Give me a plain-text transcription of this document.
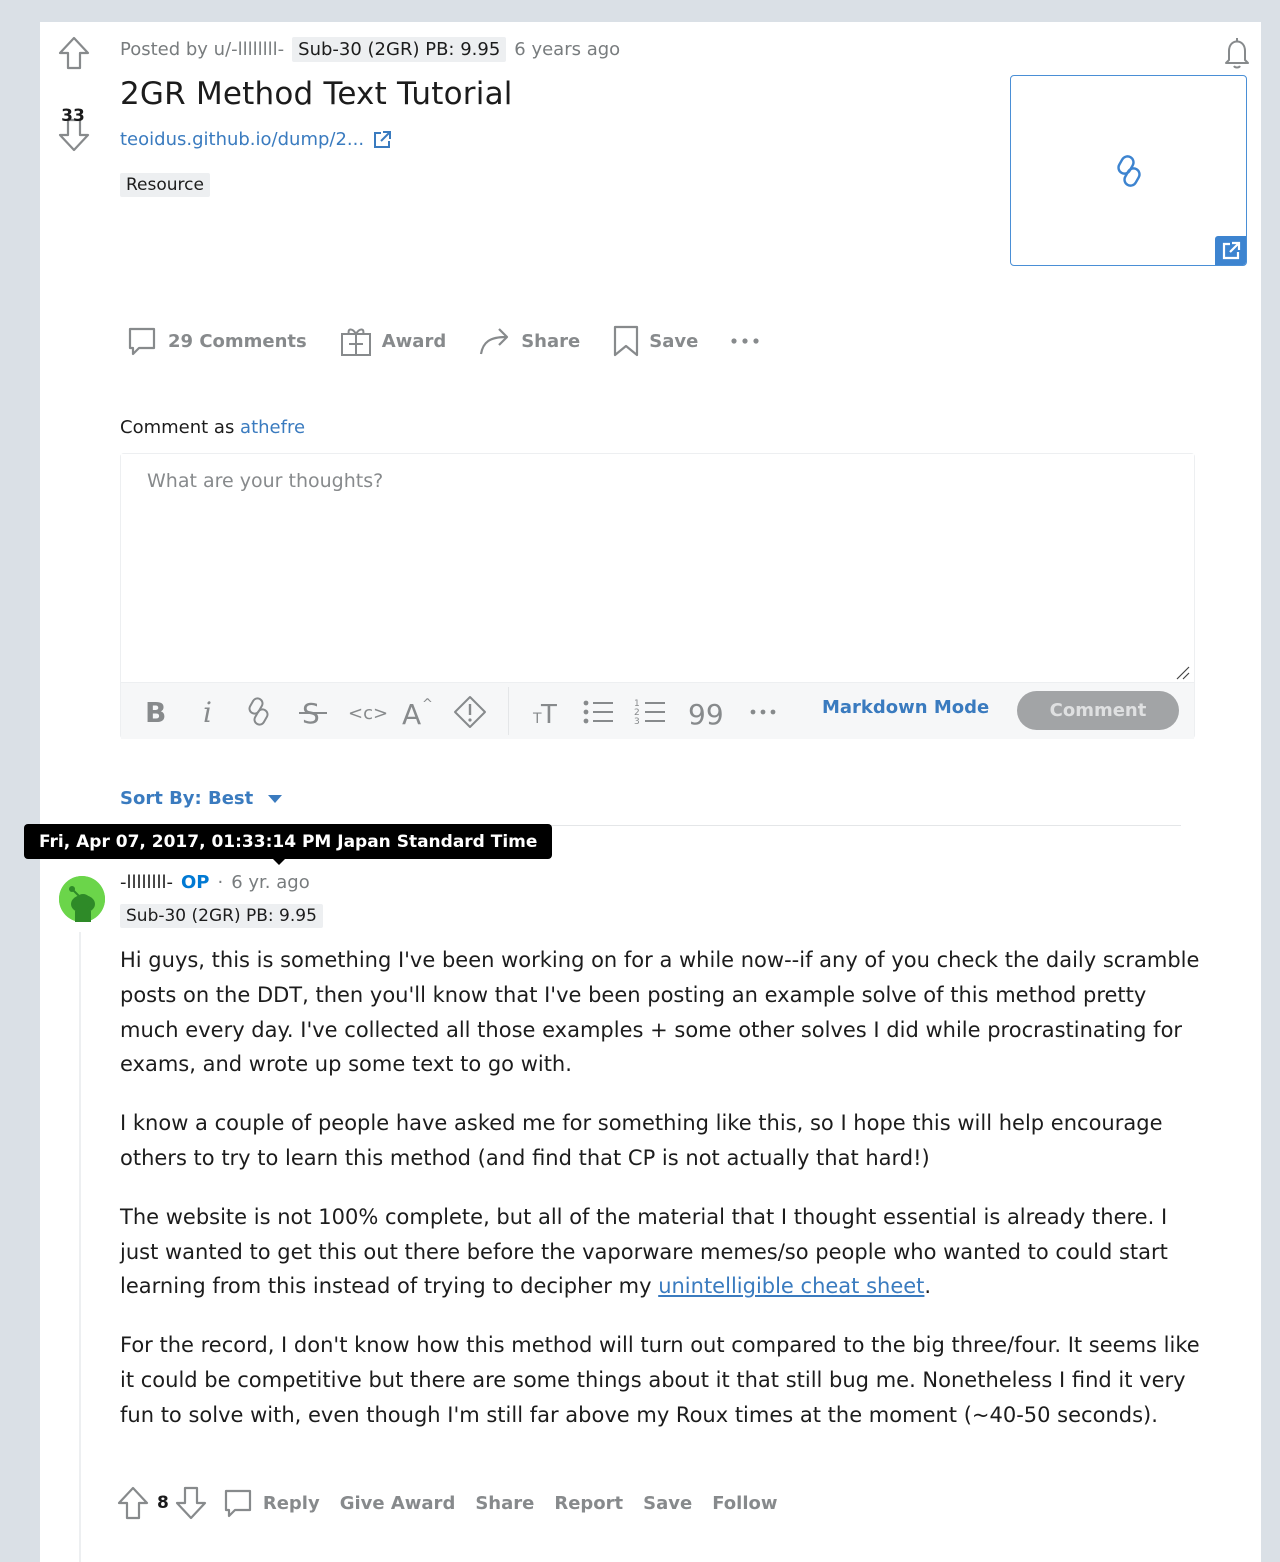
33
Posted by u/-llllllll- Sub-30 (2GR) PB: 9.95 6 years ago
2GR Method Text Tutorial
teoidus.github.io/dump/2...
Resource
29 Comments	Award	Share	Save
Comment as athefre
What are your thoughts?
B i	S <c> A ^
T T	1
2
3 99	Markdown Mode	Comment
Sort By: Best
Fri, Apr 07, 2017, 01:33:14 PM Japan Standard Time
-llllllll- OP · 6 yr. ago
Sub-30 (2GR) PB: 9.95

Hi guys, this is something I've been working on for a while now--if any of you check the daily scramble posts on the DDT, then you'll know that I've been posting an example solve of this method pretty much every day. I've collected all those examples + some other solves I did while procrastinating for exams, and wrote up some text to go with.

I know a couple of people have asked me for something like this, so I hope this will help encourage others to try to learn this method (and find that CP is not actually that hard!)

The website is not 100% complete, but all of the material that I thought essential is already there. I just wanted to get this out there before the vaporware memes/so people who wanted to could start learning from this instead of trying to decipher my unintelligible cheat sheet.

For the record, I don't know how this method will turn out compared to the big three/four. It seems like it could be competitive but there are some things about it that still bug me. Nonetheless I find it very fun to solve with, even though I'm still far above my Roux times at the moment (~40-50 seconds).

8	Reply Give Award Share Report Save Follow
